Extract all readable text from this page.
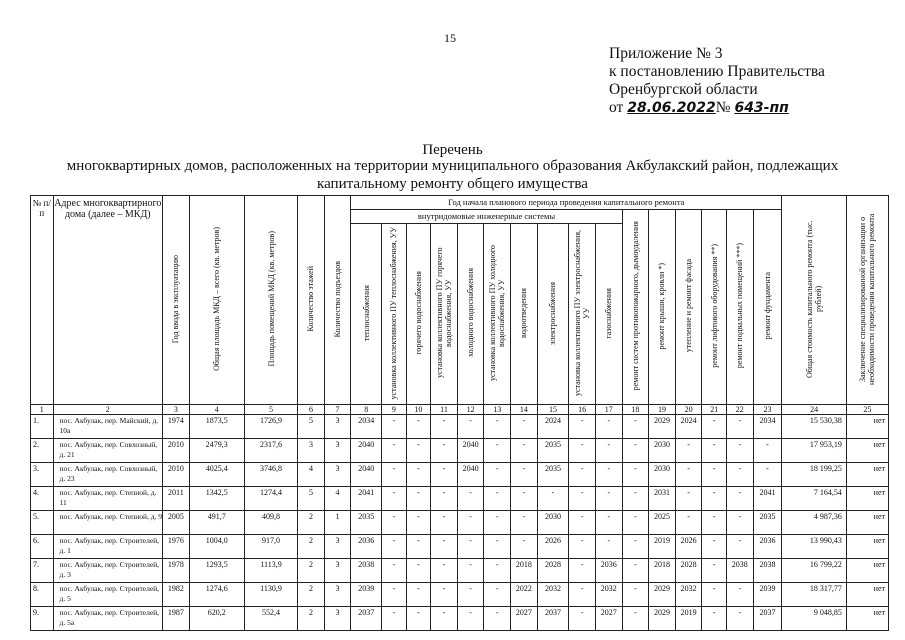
15
Приложение № 3
к постановлению Правительства
Оренбургской области
от 28.06.2022№ 643-пп
Перечень
многоквартирных домов, расположенных на территории муниципального образования Акбулакский район, подлежащих
капитальному ремонту общего имущества
№ п/п	Адрес многоквартирного дома (далее – МКД)	Год ввода в эксплуатацию	Общая площадь МКД – всего (кв. метров)	Площадь помещений МКД (кв. метров)	Количество этажей	Количество подъездов	Год начала планового периода проведения капитального ремонта																Общая стоимость капитального ремонта (тыс. рублей)	Заключение специализированной организации о необходимости проведения капитального ремонта
							внутридомовые инженерные системы										ремонт систем противопожарного, дымоудаления	ремонт крыши, кровли *)	утепление и ремонт фасада	ремонт лифтового оборудования **)	ремонт подвальных помещений ***)	ремонт фундамента		
							теплоснабжения	установка коллективного ПУ теплоснабжения, УУ	горячего водоснабжения	установка коллективного ПУ горячего водоснабжения, УУ	холодного водоснабжения	установка коллективного ПУ холодного водоснабжения, УУ	водоотведения	электроснабжения	установка коллективного ПУ электроснабжения, УУ	газоснабжения								
1	2	3	4	5	6	7	8	9	10	11	12	13	14	15	16	17	18	19	20	21	22	23	24	25
1.	пос. Акбулак, пер. Майский, д. 10а	1974	1873,5	1726,9	5	3	2034	-	-	-	-	-	-	2024	-	-	-	2029	2024	-	-	2034	15 530,38	нет
2.	пос. Акбулак, пер. Совхозный, д. 21	2010	2479,3	2317,6	3	3	2040	-	-	-	2040	-	-	2035	-	-	-	2030	-	-	-	-	17 953,19	нет
3.	пос. Акбулак, пер. Совхозный, д. 23	2010	4025,4	3746,8	4	3	2040	-	-	-	2040	-	-	2035	-	-	-	2030	-	-	-	-	18 199,25	нет
4.	пос. Акбулак, пер. Степной, д. 11	2011	1342,5	1274,4	5	4	2041	-	-	-	-	-	-	-	-	-	-	2031	-	-	-	2041	7 164,54	нет
5.	пос. Акбулак, пер. Степной, д. 9	2005	491,7	409,8	2	1	2035	-	-	-	-	-	-	2030	-	-	-	2025	-	-	-	2035	4 987,36	нет
6.	пос. Акбулак, пер. Строителей, д. 1	1976	1004,0	917,0	2	3	2036	-	-	-	-	-	-	2026	-	-	-	2019	2026	-	-	2036	13 990,43	нет
7.	пос. Акбулак, пер. Строителей, д. 3	1978	1293,5	1113,9	2	3	2038	-	-	-	-	-	2018	2028	-	2036	-	2018	2028	-	2038	2038	16 799,22	нет
8.	пос. Акбулак, пер. Строителей, д. 5	1982	1274,6	1130,9	2	3	2039	-	-	-	-	-	2022	2032	-	2032	-	2029	2032	-	-	2039	18 317,77	нет
9.	пос. Акбулак, пер. Строителей, д. 5а	1987	620,2	552,4	2	3	2037	-	-	-	-	-	2027	2037	-	2027	-	2029	2019	-	-	2037	9 048,85	нет
